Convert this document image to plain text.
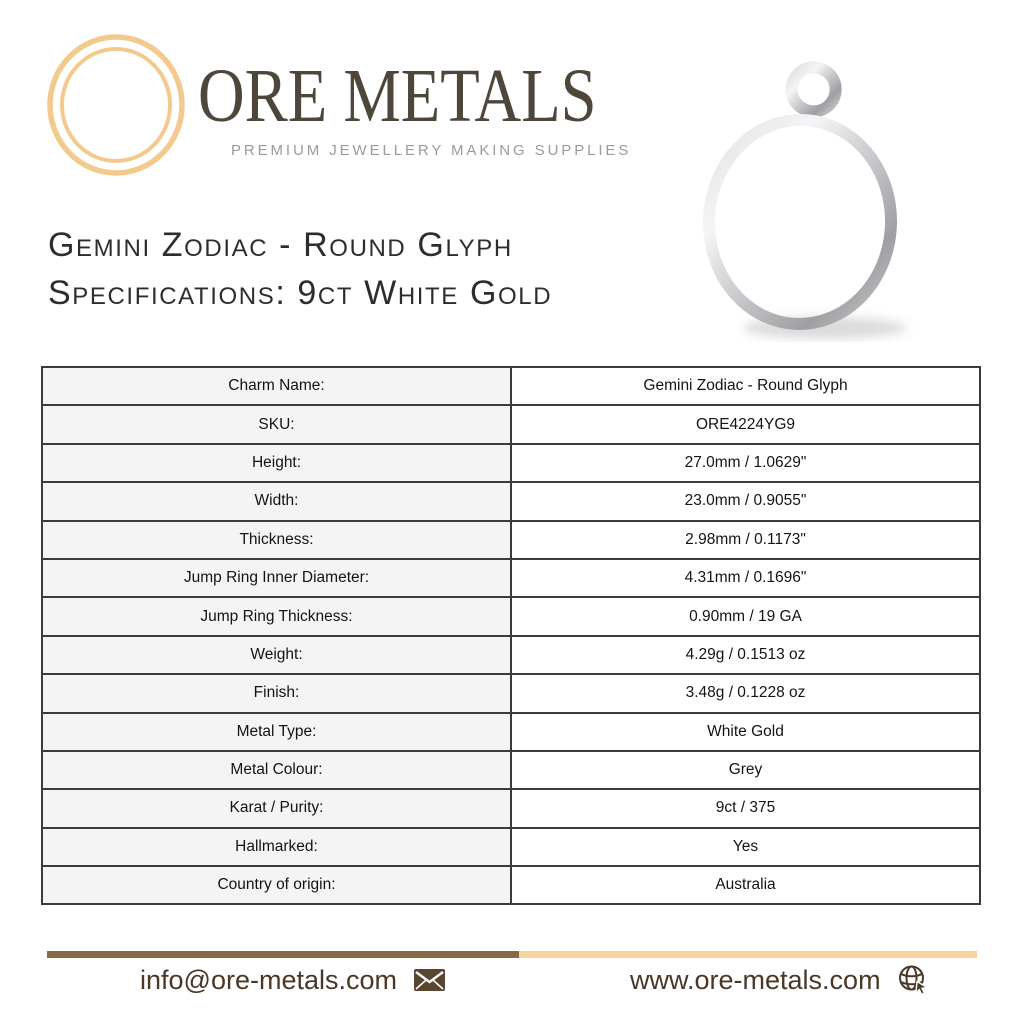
ORE METALS
PREMIUM JEWELLERY MAKING SUPPLIES
Gemini Zodiac - Round Glyph
Specifications: 9ct White Gold
Charm Name:	Gemini Zodiac - Round Glyph
SKU:	ORE4224YG9
Height:	27.0mm / 1.0629"
Width:	23.0mm / 0.9055"
Thickness:	2.98mm / 0.1173"
Jump Ring Inner Diameter:	4.31mm / 0.1696"
Jump Ring Thickness:	0.90mm / 19 GA
Weight:	4.29g / 0.1513 oz
Finish:	3.48g / 0.1228 oz
Metal Type:	White Gold
Metal Colour:	Grey
Karat / Purity:	9ct / 375
Hallmarked:	Yes
Country of origin:	Australia
info@ore-metals.com	www.ore-metals.com
